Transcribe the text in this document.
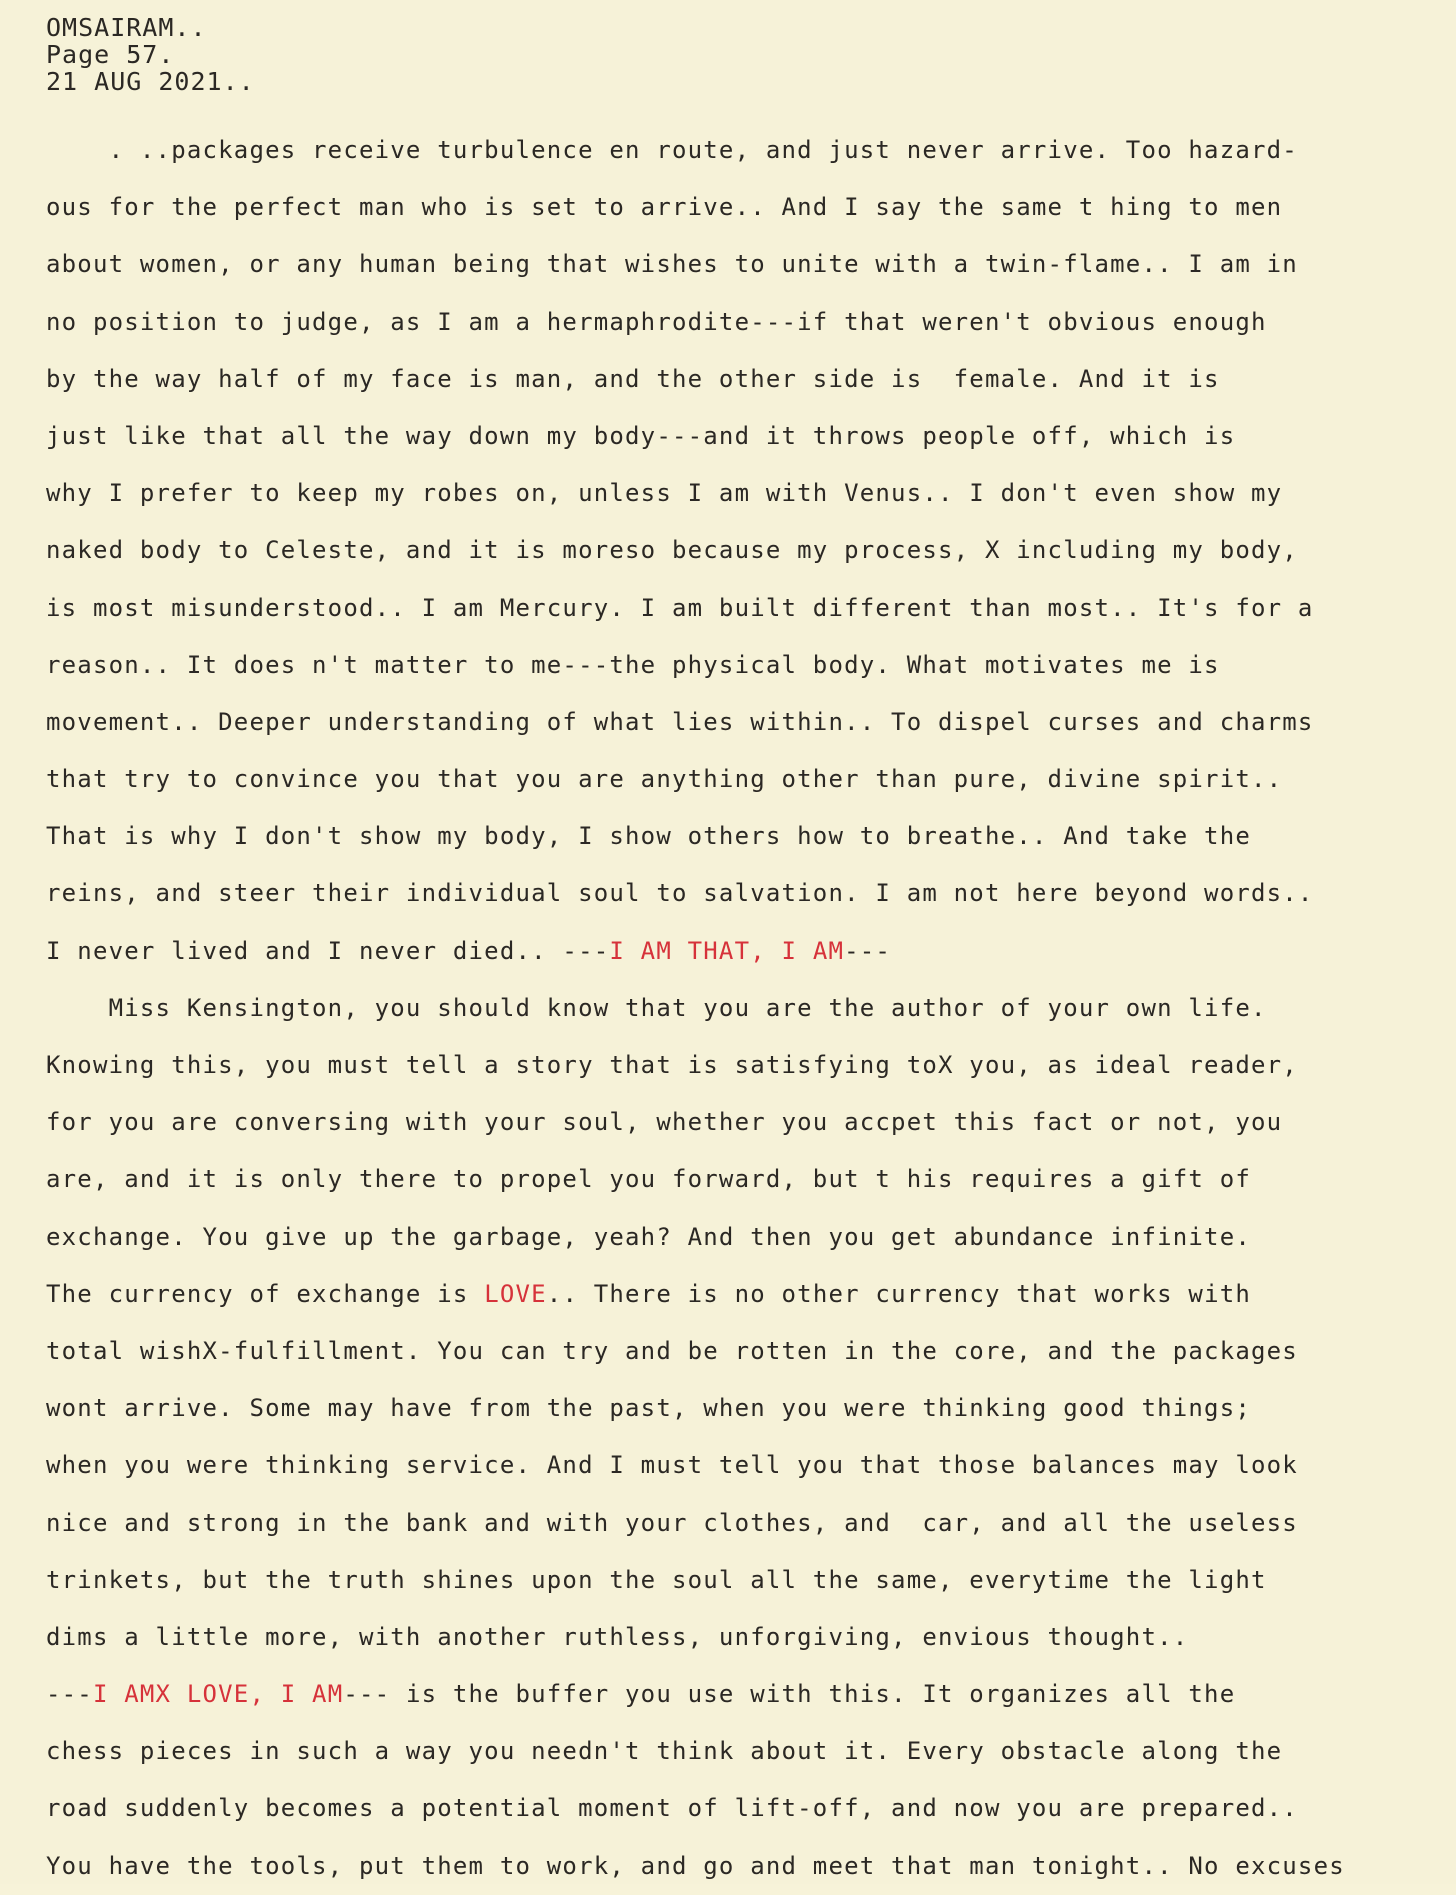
OMSAIRAM..
Page 57.
21 AUG 2021..
. ..packages receive turbulence en route, and just never arrive. Too hazard-
ous for the perfect man who is set to arrive.. And I say the same t hing to men
about women, or any human being that wishes to unite with a twin-flame.. I am in
no position to judge, as I am a hermaphrodite---if that weren't obvious enough
by the way half of my face is man, and the other side is  female. And it is
just like that all the way down my body---and it throws people off, which is
why I prefer to keep my robes on, unless I am with Venus.. I don't even show my
naked body to Celeste, and it is moreso because my process, X including my body,
is most misunderstood.. I am Mercury. I am built different than most.. It's for a
reason.. It does n't matter to me---the physical body. What motivates me is
movement.. Deeper understanding of what lies within.. To dispel curses and charms
that try to convince you that you are anything other than pure, divine spirit..
That is why I don't show my body, I show others how to breathe.. And take the
reins, and steer their individual soul to salvation. I am not here beyond words..
I never lived and I never died.. ---I AM THAT, I AM---
Miss Kensington, you should know that you are the author of your own life.
Knowing this, you must tell a story that is satisfying toX you, as ideal reader,
for you are conversing with your soul, whether you accpet this fact or not, you
are, and it is only there to propel you forward, but t his requires a gift of
exchange. You give up the garbage, yeah? And then you get abundance infinite.
The currency of exchange is LOVE.. There is no other currency that works with
total wishX-fulfillment. You can try and be rotten in the core, and the packages
wont arrive. Some may have from the past, when you were thinking good things;
when you were thinking service. And I must tell you that those balances may look
nice and strong in the bank and with your clothes, and  car, and all the useless
trinkets, but the truth shines upon the soul all the same, everytime the light
dims a little more, with another ruthless, unforgiving, envious thought..
---I AMX LOVE, I AM--- is the buffer you use with this. It organizes all the
chess pieces in such a way you needn't think about it. Every obstacle along the
road suddenly becomes a potential moment of lift-off, and now you are prepared..
You have the tools, put them to work, and go and meet that man tonight.. No excuses
